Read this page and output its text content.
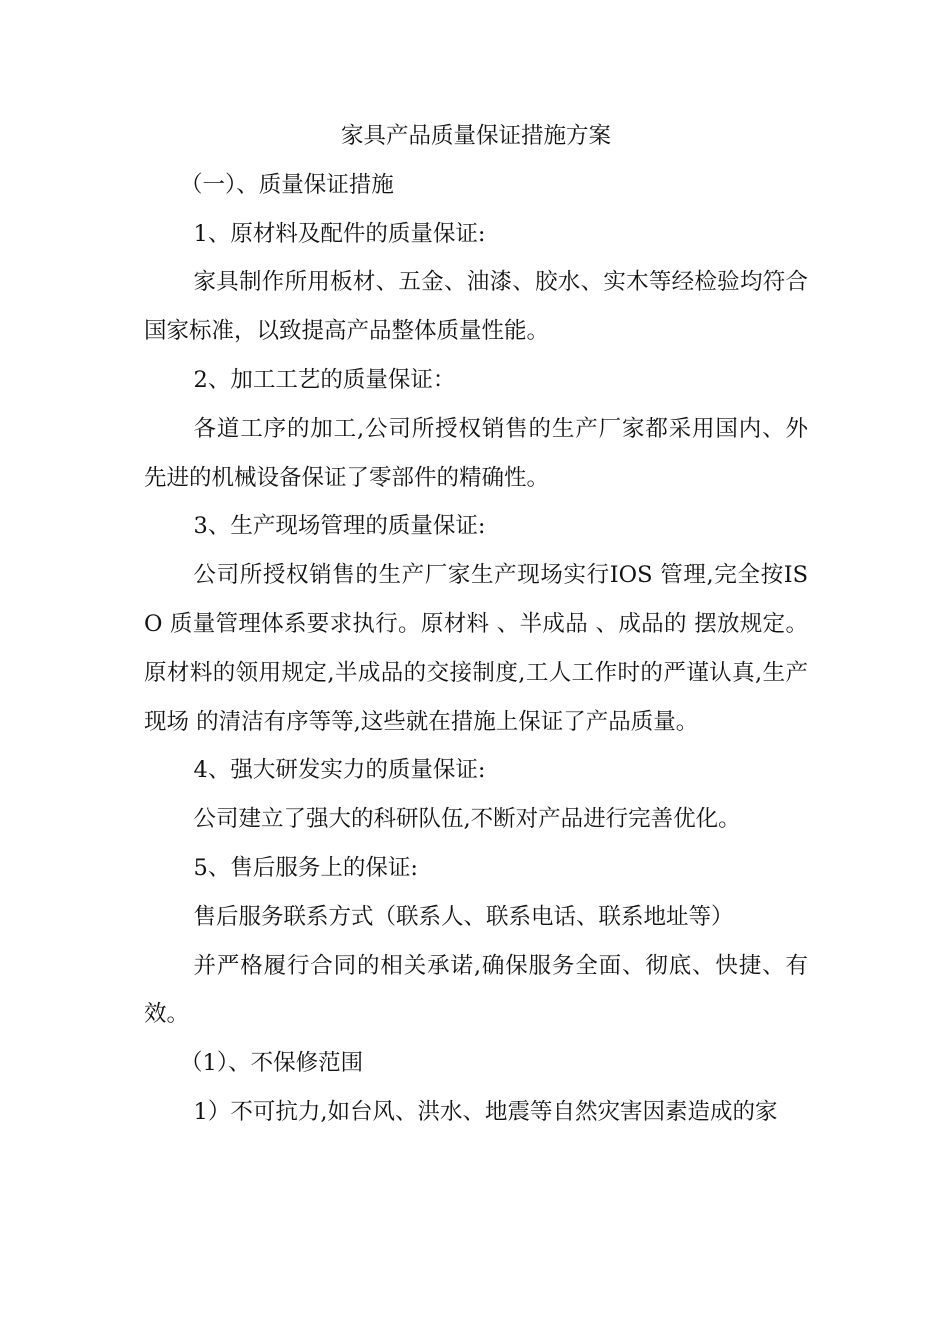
家具产品质量保证措施方案

（一）、质量保证措施

1、原材料及配件的质量保证:

家具制作所用板材、五金、油漆、胶水、实木等经检验均符合国家标准，以致提高产品整体质量性能。

2、加工工艺的质量保证：

各道工序的加工,公司所授权销售的生产厂家都采用国内、外先进的机械设备保证了零部件的精确性。

3、生产现场管理的质量保证:

公司所授权销售的生产厂家生产现场实行IOS 管理,完全按ISO 质量管理体系要求执行。原材料 、半成品 、成品的 摆放规定。原材料的领用规定,半成品的交接制度,工人工作时的严谨认真,生产现场 的清洁有序等等,这些就在措施上保证了产品质量。

4、强大研发实力的质量保证:

公司建立了强大的科研队伍,不断对产品进行完善优化。

5、售后服务上的保证:

售后服务联系方式（联系人、联系电话、联系地址等）

并严格履行合同的相关承诺,确保服务全面、彻底、快捷、有效。

（1）、不保修范围

1）不可抗力,如台风、洪水、地震等自然灾害因素造成的家
